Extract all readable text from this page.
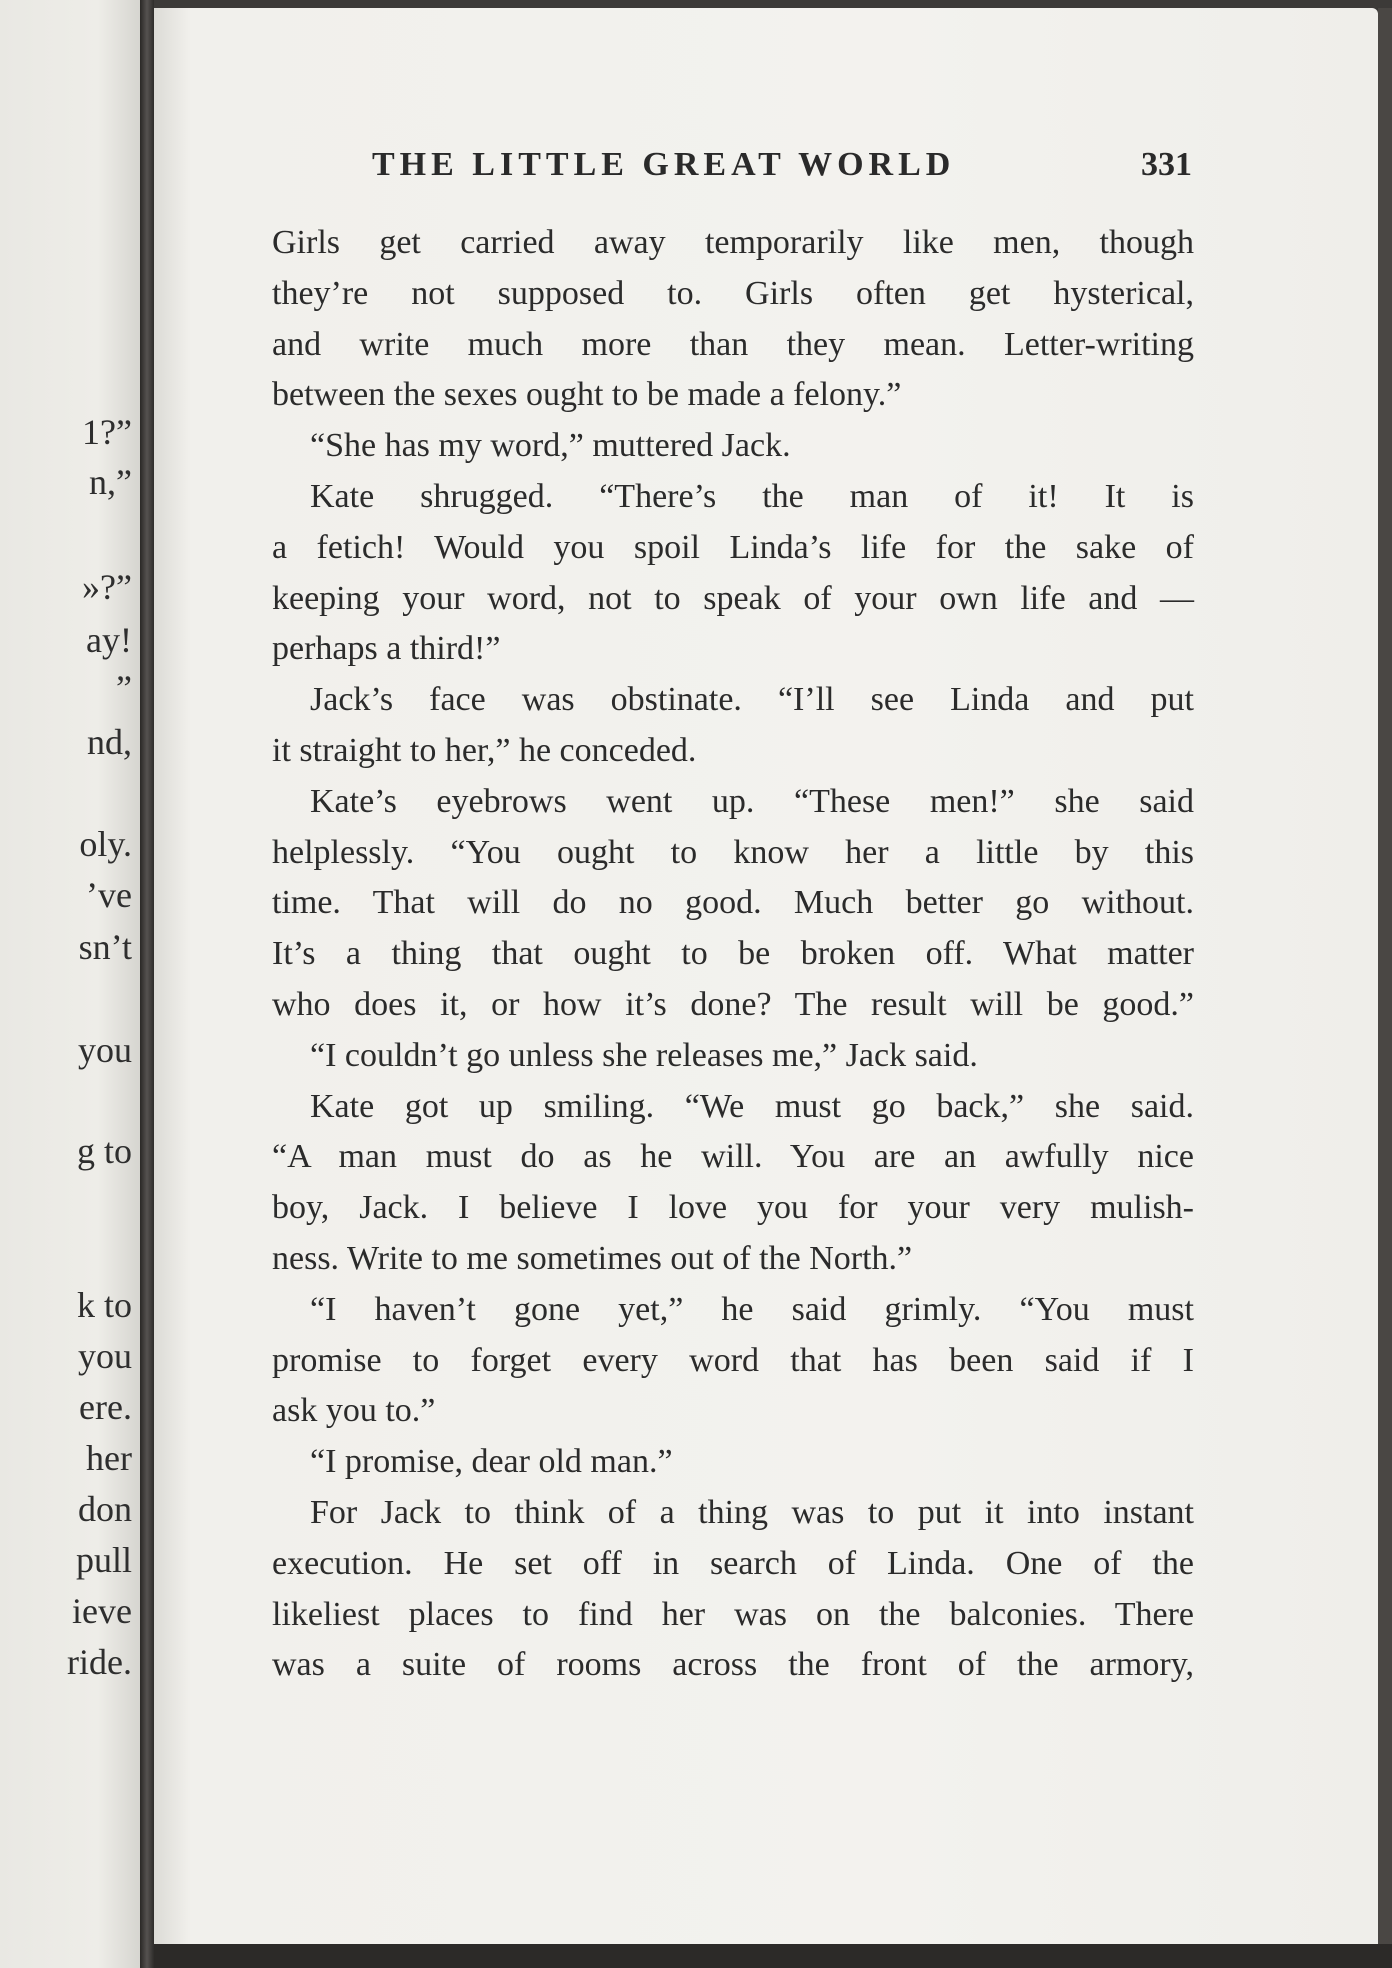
1?”
n,”
»?”
ay!
”
nd,
oly.
’ve
sn’t
you
g to
k to
you
ere.
her
don
pull
ieve
ride.
THE LITTLE GREAT WORLD	331
Girls get carried away temporarily like men, though
they’re not supposed to. Girls often get hysterical,
and write much more than they mean. Letter-writing
between the sexes ought to be made a felony.”
“She has my word,” muttered Jack.
Kate shrugged. “There’s the man of it! It is
a fetich! Would you spoil Linda’s life for the sake of
keeping your word, not to speak of your own life and —
perhaps a third!”
Jack’s face was obstinate. “I’ll see Linda and put
it straight to her,” he conceded.
Kate’s eyebrows went up. “These men!” she said
helplessly. “You ought to know her a little by this
time. That will do no good. Much better go without.
It’s a thing that ought to be broken off. What matter
who does it, or how it’s done? The result will be good.”
“I couldn’t go unless she releases me,” Jack said.
Kate got up smiling. “We must go back,” she said.
“A man must do as he will. You are an awfully nice
boy, Jack. I believe I love you for your very mulish-
ness. Write to me sometimes out of the North.”
“I haven’t gone yet,” he said grimly. “You must
promise to forget every word that has been said if I
ask you to.”
“I promise, dear old man.”
For Jack to think of a thing was to put it into instant
execution. He set off in search of Linda. One of the
likeliest places to find her was on the balconies. There
was a suite of rooms across the front of the armory,
